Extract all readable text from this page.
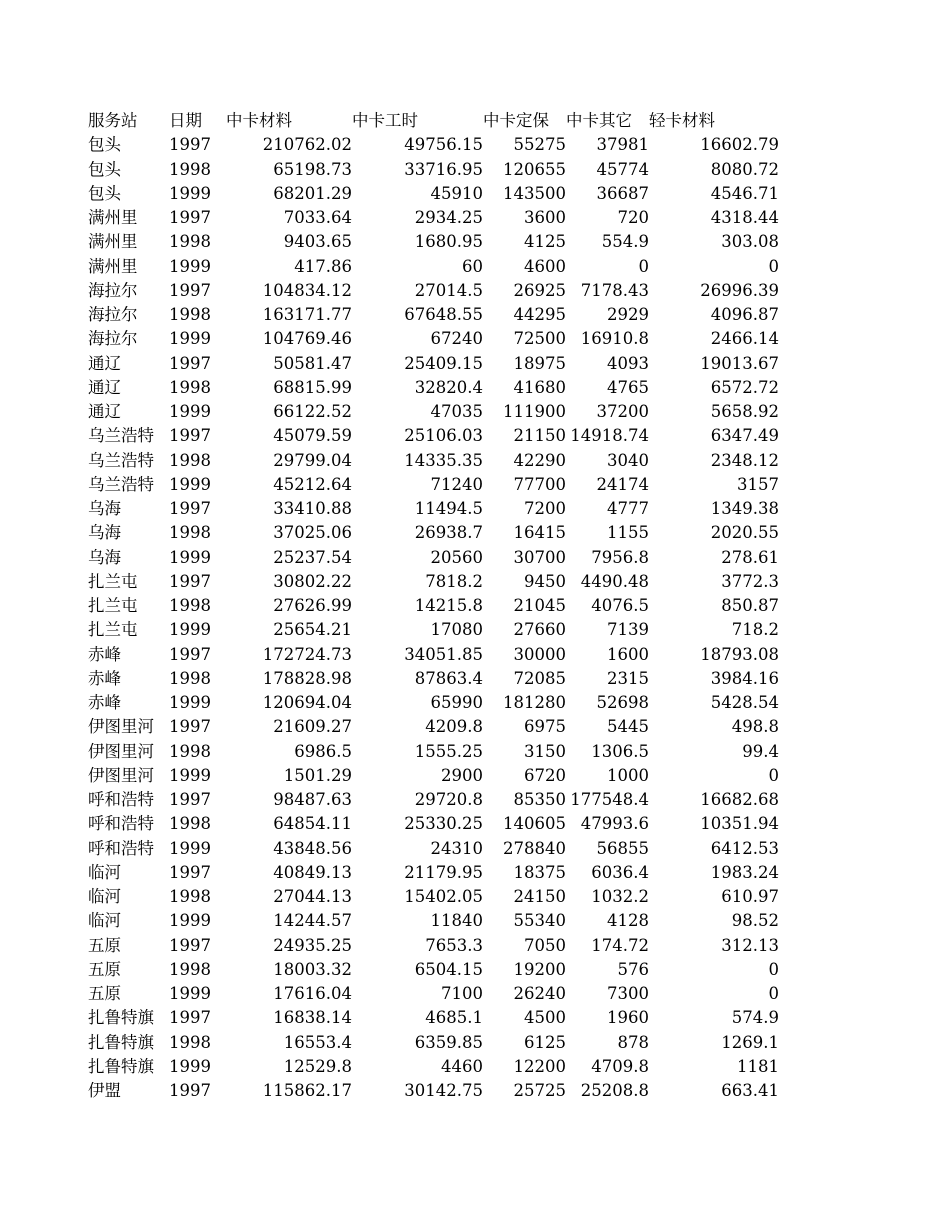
服务站	日期	中卡材料	中卡工时	中卡定保	中卡其它	轻卡材料
包头	1997	210762.02	49756.15	55275	37981	16602.79
包头	1998	65198.73	33716.95	120655	45774	8080.72
包头	1999	68201.29	45910	143500	36687	4546.71
满州里	1997	7033.64	2934.25	3600	720	4318.44
满州里	1998	9403.65	1680.95	4125	554.9	303.08
满州里	1999	417.86	60	4600	0	0
海拉尔	1997	104834.12	27014.5	26925	7178.43	26996.39
海拉尔	1998	163171.77	67648.55	44295	2929	4096.87
海拉尔	1999	104769.46	67240	72500	16910.8	2466.14
通辽	1997	50581.47	25409.15	18975	4093	19013.67
通辽	1998	68815.99	32820.4	41680	4765	6572.72
通辽	1999	66122.52	47035	111900	37200	5658.92
乌兰浩特	1997	45079.59	25106.03	21150	14918.74	6347.49
乌兰浩特	1998	29799.04	14335.35	42290	3040	2348.12
乌兰浩特	1999	45212.64	71240	77700	24174	3157
乌海	1997	33410.88	11494.5	7200	4777	1349.38
乌海	1998	37025.06	26938.7	16415	1155	2020.55
乌海	1999	25237.54	20560	30700	7956.8	278.61
扎兰屯	1997	30802.22	7818.2	9450	4490.48	3772.3
扎兰屯	1998	27626.99	14215.8	21045	4076.5	850.87
扎兰屯	1999	25654.21	17080	27660	7139	718.2
赤峰	1997	172724.73	34051.85	30000	1600	18793.08
赤峰	1998	178828.98	87863.4	72085	2315	3984.16
赤峰	1999	120694.04	65990	181280	52698	5428.54
伊图里河	1997	21609.27	4209.8	6975	5445	498.8
伊图里河	1998	6986.5	1555.25	3150	1306.5	99.4
伊图里河	1999	1501.29	2900	6720	1000	0
呼和浩特	1997	98487.63	29720.8	85350	177548.4	16682.68
呼和浩特	1998	64854.11	25330.25	140605	47993.6	10351.94
呼和浩特	1999	43848.56	24310	278840	56855	6412.53
临河	1997	40849.13	21179.95	18375	6036.4	1983.24
临河	1998	27044.13	15402.05	24150	1032.2	610.97
临河	1999	14244.57	11840	55340	4128	98.52
五原	1997	24935.25	7653.3	7050	174.72	312.13
五原	1998	18003.32	6504.15	19200	576	0
五原	1999	17616.04	7100	26240	7300	0
扎鲁特旗	1997	16838.14	4685.1	4500	1960	574.9
扎鲁特旗	1998	16553.4	6359.85	6125	878	1269.1
扎鲁特旗	1999	12529.8	4460	12200	4709.8	1181
伊盟	1997	115862.17	30142.75	25725	25208.8	663.41
